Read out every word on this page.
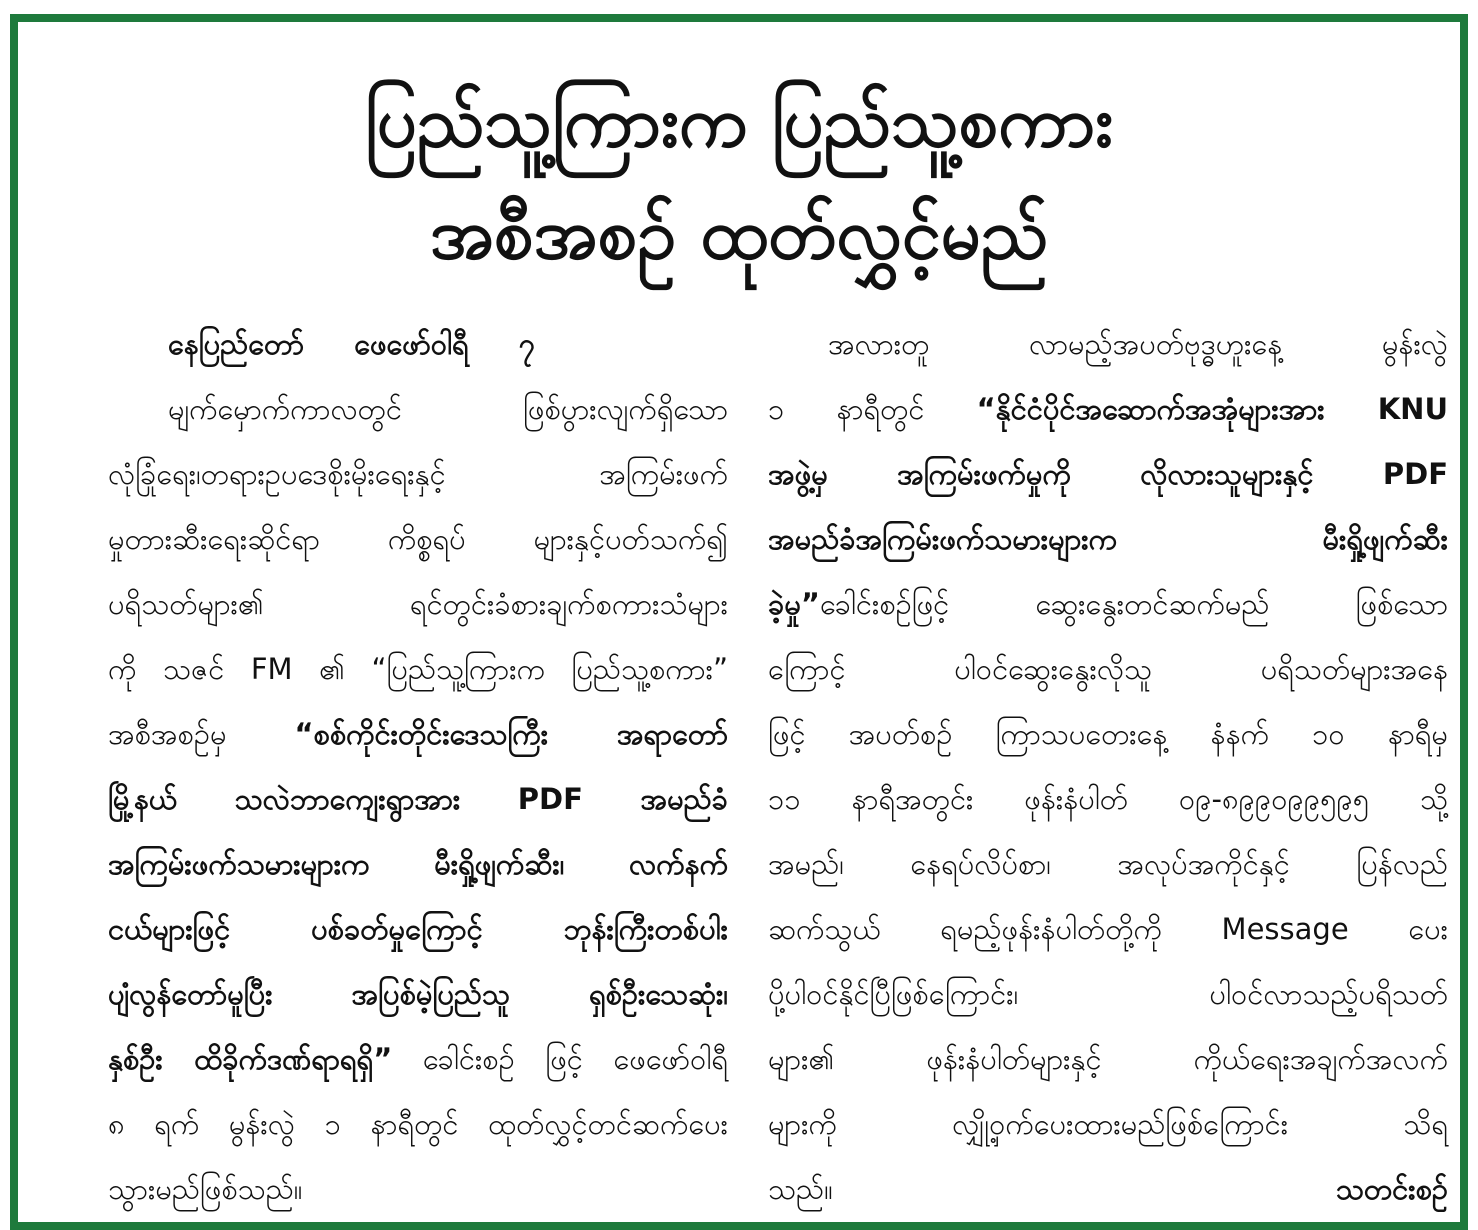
ပြည်သူ့ကြားက ပြည်သူ့စကား
အစီအစဉ် ထုတ်လွှင့်မည်
နေပြည်တော် ဖေဖော်ဝါရီ ၇
မျက်မှောက်ကာလတွင် ဖြစ်ပွားလျက်ရှိသော
လုံခြုံရေး၊တရားဥပဒေစိုးမိုးရေးနှင့် အကြမ်းဖက်
မှုတားဆီးရေးဆိုင်ရာ ကိစ္စရပ် များနှင့်ပတ်သက်၍
ပရိသတ်များ၏ ရင်တွင်းခံစားချက်စကားသံများ
ကို သဇင် FM ၏ “ပြည်သူ့ကြားက ပြည်သူ့စကား”
အစီအစဉ်မှ “စစ်ကိုင်းတိုင်းဒေသကြီး အရာတော်
မြို့နယ် သလဲဘာကျေးရွာအား PDF အမည်ခံ
အကြမ်းဖက်သမားများက မီးရှို့ဖျက်ဆီး၊ လက်နက်
ငယ်များဖြင့် ပစ်ခတ်မှုကြောင့် ဘုန်းကြီးတစ်ပါး
ပျံလွန်တော်မူပြီး အပြစ်မဲ့ပြည်သူ ရှစ်ဦးသေဆုံး၊
နှစ်ဦး ထိခိုက်ဒဏ်ရာရရှိ” ခေါင်းစဉ် ဖြင့် ဖေဖော်ဝါရီ
၈ ရက် မွန်းလွဲ ၁ နာရီတွင် ထုတ်လွှင့်တင်ဆက်ပေး
သွားမည်ဖြစ်သည်။
အလားတူ လာမည့်အပတ်ဗုဒ္ဓဟူးနေ့ မွန်းလွဲ
၁ နာရီတွင် “နိုင်ငံပိုင်အဆောက်အအုံများအား KNU
အဖွဲ့မှ အကြမ်းဖက်မှုကို လိုလားသူများနှင့် PDF
အမည်ခံအကြမ်းဖက်သမားများက မီးရှို့ဖျက်ဆီး
ခဲ့မှု”ခေါင်းစဉ်ဖြင့် ဆွေးနွေးတင်ဆက်မည် ဖြစ်သော
ကြောင့် ပါဝင်ဆွေးနွေးလိုသူ ပရိသတ်များအနေ
ဖြင့် အပတ်စဉ် ကြာသပတေးနေ့ နံနက် ၁၀ နာရီမှ
၁၁ နာရီအတွင်း ဖုန်းနံပါတ် ၀၉-၈၉၉၀၉၉၅၉၅ သို့
အမည်၊ နေရပ်လိပ်စာ၊ အလုပ်အကိုင်နှင့် ပြန်လည်
ဆက်သွယ် ရမည့်ဖုန်းနံပါတ်တို့ကို Message ပေး
ပို့ပါဝင်နိုင်ပြီဖြစ်ကြောင်း၊ ပါဝင်လာသည့်ပရိသတ်
များ၏ ဖုန်းနံပါတ်များနှင့် ကိုယ်ရေးအချက်အလက်
များကို လျှို့ဝှက်ပေးထားမည်ဖြစ်ကြောင်း သိရ
သည်။	သတင်းစဉ်
